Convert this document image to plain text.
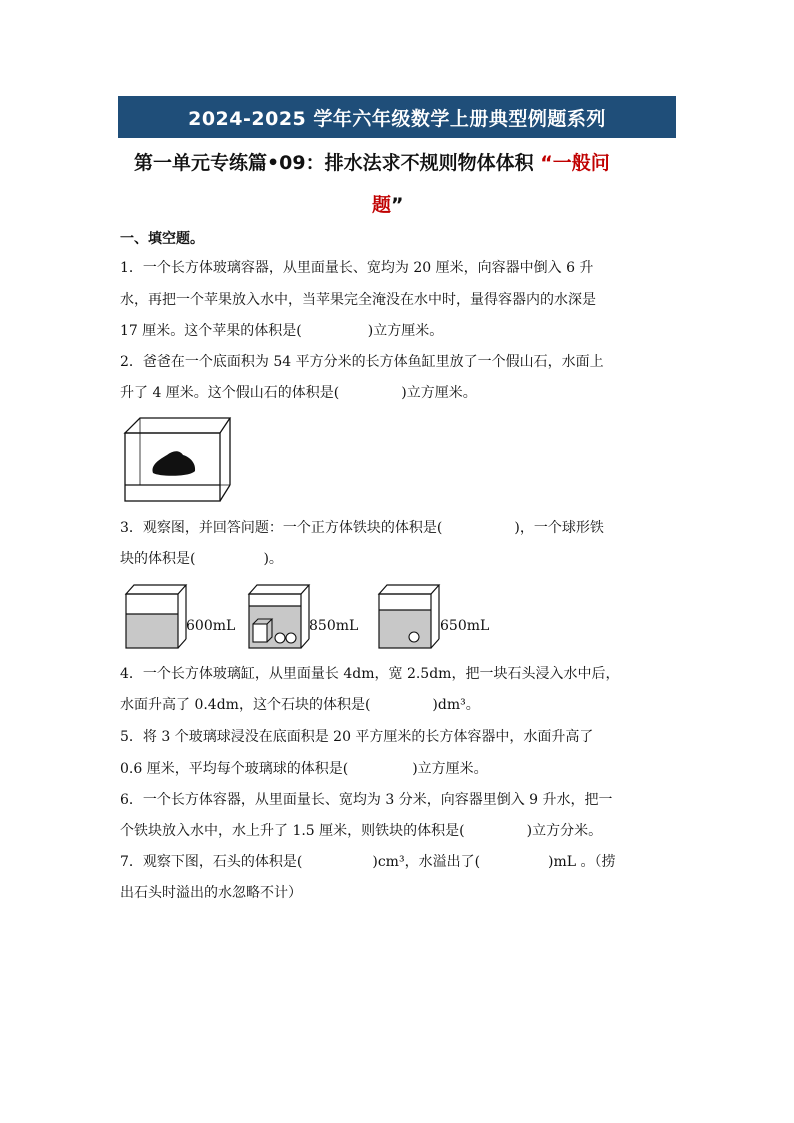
2024-2025 学年六年级数学上册典型例题系列
第一单元专练篇•09：排水法求不规则物体体积 “一般问
题”
一、填空题。
1．一个长方体玻璃容器，从里面量长、宽均为 20 厘米，向容器中倒入 6 升
水，再把一个苹果放入水中，当苹果完全淹没在水中时，量得容器内的水深是
17 厘米。这个苹果的体积是(	)立方厘米。
2．爸爸在一个底面积为 54 平方分米的长方体鱼缸里放了一个假山石，水面上
升了 4 厘米。这个假山石的体积是(	)立方厘米。
3．观察图，并回答问题：一个正方体铁块的体积是(	)，一个球形铁
块的体积是(	)。
600mL	850mL	650mL
4．一个长方体玻璃缸，从里面量长 4dm，宽 2.5dm，把一块石头浸入水中后，
水面升高了 0.4dm，这个石块的体积是(	)dm³。
5．将 3 个玻璃球浸没在底面积是 20 平方厘米的长方体容器中，水面升高了
0.6 厘米，平均每个玻璃球的体积是(	)立方厘米。
6．一个长方体容器，从里面量长、宽均为 3 分米，向容器里倒入 9 升水，把一
个铁块放入水中，水上升了 1.5 厘米，则铁块的体积是(	)立方分米。
7．观察下图，石头的体积是(	)cm³，水溢出了(	)mL 。（捞
出石头时溢出的水忽略不计）
